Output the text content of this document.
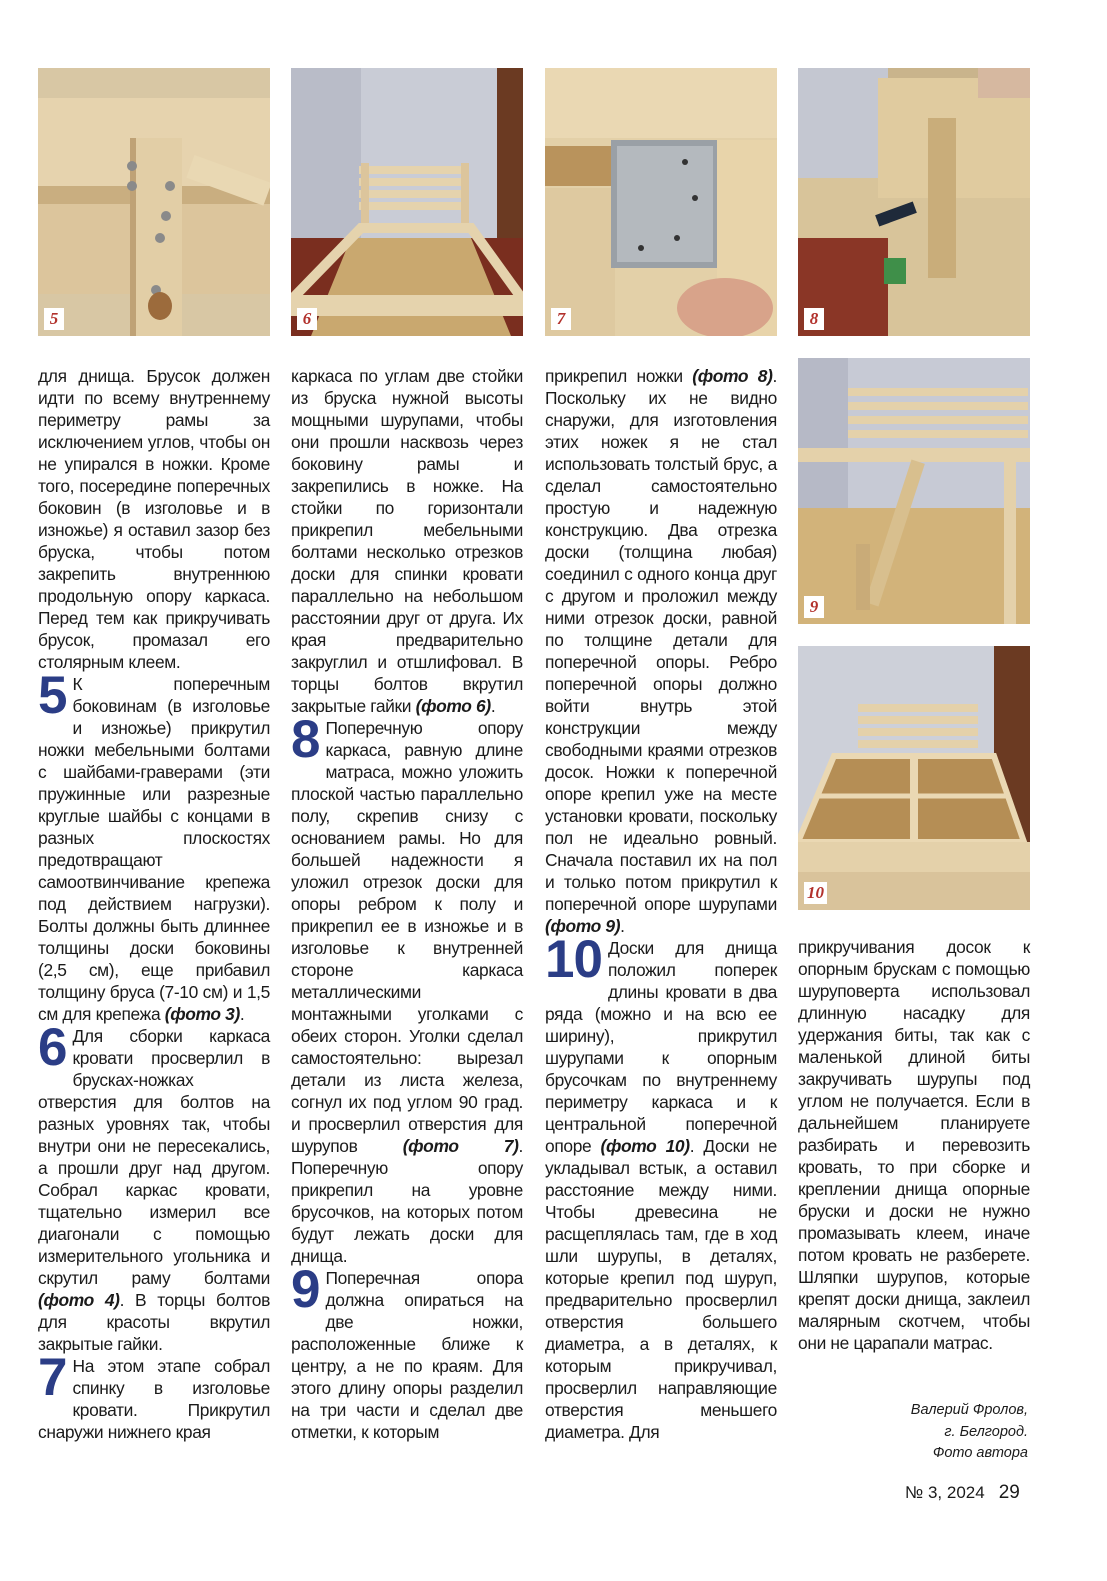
5	6	7	8
9
10

для днища. Брусок должен идти по всему внутреннему периметру рамы за исключением углов, чтобы он не упирался в ножки. Кроме того, посередине поперечных боковин (в изголовье и в изножье) я оставил зазор без бруска, чтобы потом закрепить внутреннюю продольную опору каркаса. Перед тем как прикручивать брусок, промазал его столярным клеем.

5 К поперечным боковинам (в изголовье и изножье) прикрутил ножки мебельными болтами с шайбами-граверами (эти пружинные или разрезные круглые шайбы с концами в разных плоскостях предотвращают самоотвинчивание крепежа под действием нагрузки). Болты должны быть длиннее толщины доски боковины (2,5 см), еще прибавил толщину бруса (7-10 см) и 1,5 см для крепежа (фото 3).

6 Для сборки каркаса кровати просверлил в брусках-ножках отверстия для болтов на разных уровнях так, чтобы внутри они не пересекались, а прошли друг над другом. Собрал каркас кровати, тщательно измерил все диагонали с помощью измерительного угольника и скрутил раму болтами (фото 4). В торцы болтов для красоты вкрутил закрытые гайки.

7 На этом этапе собрал спинку в изголовье кровати. Прикрутил снаружи нижнего края

Валерий Фролов,
г. Белгород.
Фото автора
№ 3, 2024 29

каркаса по углам две стойки из бруска нужной высоты мощными шурупами, чтобы они прошли насквозь через боковину рамы и закрепились в ножке. На стойки по горизонтали прикрепил мебельными болтами несколько отрезков доски для спинки кровати параллельно на небольшом расстоянии друг от друга. Их края предварительно закруглил и отшлифовал. В торцы болтов вкрутил закрытые гайки (фото 6).

8 Поперечную опору каркаса, равную длине матраса, можно уложить плоской частью параллельно полу, скрепив снизу с основанием рамы. Но для большей надежности я уложил отрезок доски для опоры ребром к полу и прикрепил ее в изножье и в изголовье к внутренней стороне каркаса металлическими монтажными уголками с обеих сторон. Уголки сделал самостоятельно: вырезал детали из листа железа, согнул их под углом 90 град. и просверлил отверстия для шурупов	(фото 7). Поперечную опору прикрепил на уровне брусочков, на которых потом будут лежать доски для днища.

9 Поперечная опора должна опираться на две ножки, расположенные ближе к центру, а не по краям. Для этого длину опоры разделил на три части и сделал две отметки, к которым

прикрепил ножки (фото 8). Поскольку их не видно снаружи, для изготовления этих ножек я не стал использовать толстый брус, а сделал самостоятельно простую и надежную конструкцию. Два отрезка доски (толщина любая) соединил с одного конца друг с другом и проложил между ними отрезок доски, равной по толщине детали для поперечной опоры. Ребро поперечной опоры должно войти внутрь этой конструкции между свободными краями отрезков досок. Ножки к поперечной опоре крепил уже на месте установки кровати, поскольку пол не идеально ровный. Сначала поставил их на пол и только потом прикрутил к поперечной опоре шурупами (фото 9).

10 Доски для днища положил поперек длины кровати в два ряда (можно и на всю ее ширину), прикрутил шурупами к опорным брусочкам по внутреннему периметру каркаса и к центральной поперечной опоре (фото 10). Доски не укладывал встык, а оставил расстояние между ними. Чтобы древесина не расщеплялась там, где в ход шли шурупы, в деталях, которые крепил под шуруп, предварительно просверлил отверстия большего диаметра, а в деталях, к которым прикручивал, просверлил направляющие отверстия меньшего диаметра. Для

прикручивания досок к опорным брускам с помощью шуруповерта использовал длинную насадку для удержания биты, так как с маленькой длиной биты закручивать шурупы под углом не получается. Если в дальнейшем планируете разбирать и перевозить кровать, то при сборке и креплении днища опорные бруски и доски не нужно промазывать клеем, иначе потом кровать не разберете. Шляпки шурупов, которые крепят доски днища, заклеил малярным скотчем, чтобы они не царапали матрас.
